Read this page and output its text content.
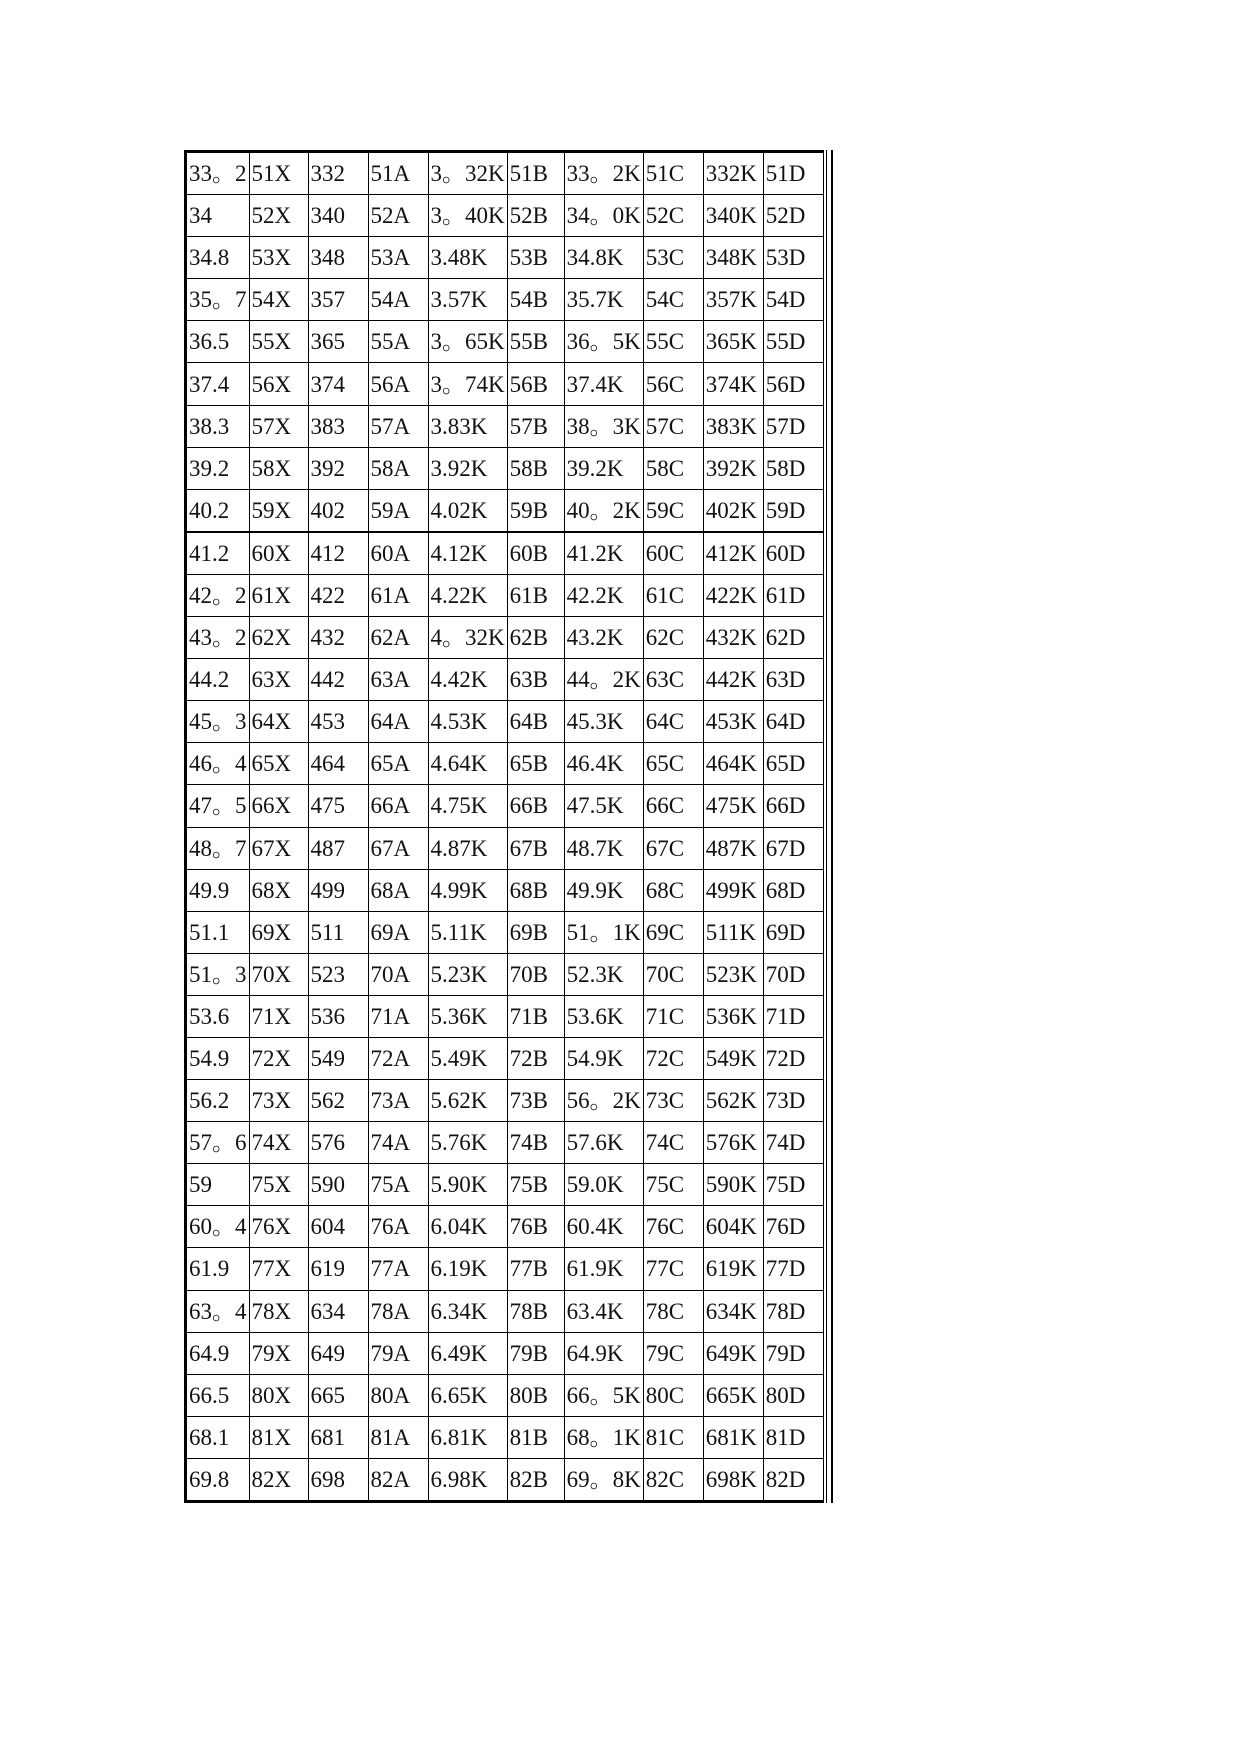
33。2	51X	332	51A	3。32K	51B	33。2K	51C	332K	51D
34	52X	340	52A	3。40K	52B	34。0K	52C	340K	52D
34.8	53X	348	53A	3.48K	53B	34.8K	53C	348K	53D
35。7	54X	357	54A	3.57K	54B	35.7K	54C	357K	54D
36.5	55X	365	55A	3。65K	55B	36。5K	55C	365K	55D
37.4	56X	374	56A	3。74K	56B	37.4K	56C	374K	56D
38.3	57X	383	57A	3.83K	57B	38。3K	57C	383K	57D
39.2	58X	392	58A	3.92K	58B	39.2K	58C	392K	58D
40.2	59X	402	59A	4.02K	59B	40。2K	59C	402K	59D
41.2	60X	412	60A	4.12K	60B	41.2K	60C	412K	60D
42。2	61X	422	61A	4.22K	61B	42.2K	61C	422K	61D
43。2	62X	432	62A	4。32K	62B	43.2K	62C	432K	62D
44.2	63X	442	63A	4.42K	63B	44。2K	63C	442K	63D
45。3	64X	453	64A	4.53K	64B	45.3K	64C	453K	64D
46。4	65X	464	65A	4.64K	65B	46.4K	65C	464K	65D
47。5	66X	475	66A	4.75K	66B	47.5K	66C	475K	66D
48。7	67X	487	67A	4.87K	67B	48.7K	67C	487K	67D
49.9	68X	499	68A	4.99K	68B	49.9K	68C	499K	68D
51.1	69X	511	69A	5.11K	69B	51。1K	69C	511K	69D
51。3	70X	523	70A	5.23K	70B	52.3K	70C	523K	70D
53.6	71X	536	71A	5.36K	71B	53.6K	71C	536K	71D
54.9	72X	549	72A	5.49K	72B	54.9K	72C	549K	72D
56.2	73X	562	73A	5.62K	73B	56。2K	73C	562K	73D
57。6	74X	576	74A	5.76K	74B	57.6K	74C	576K	74D
59	75X	590	75A	5.90K	75B	59.0K	75C	590K	75D
60。4	76X	604	76A	6.04K	76B	60.4K	76C	604K	76D
61.9	77X	619	77A	6.19K	77B	61.9K	77C	619K	77D
63。4	78X	634	78A	6.34K	78B	63.4K	78C	634K	78D
64.9	79X	649	79A	6.49K	79B	64.9K	79C	649K	79D
66.5	80X	665	80A	6.65K	80B	66。5K	80C	665K	80D
68.1	81X	681	81A	6.81K	81B	68。1K	81C	681K	81D
69.8	82X	698	82A	6.98K	82B	69。8K	82C	698K	82D
